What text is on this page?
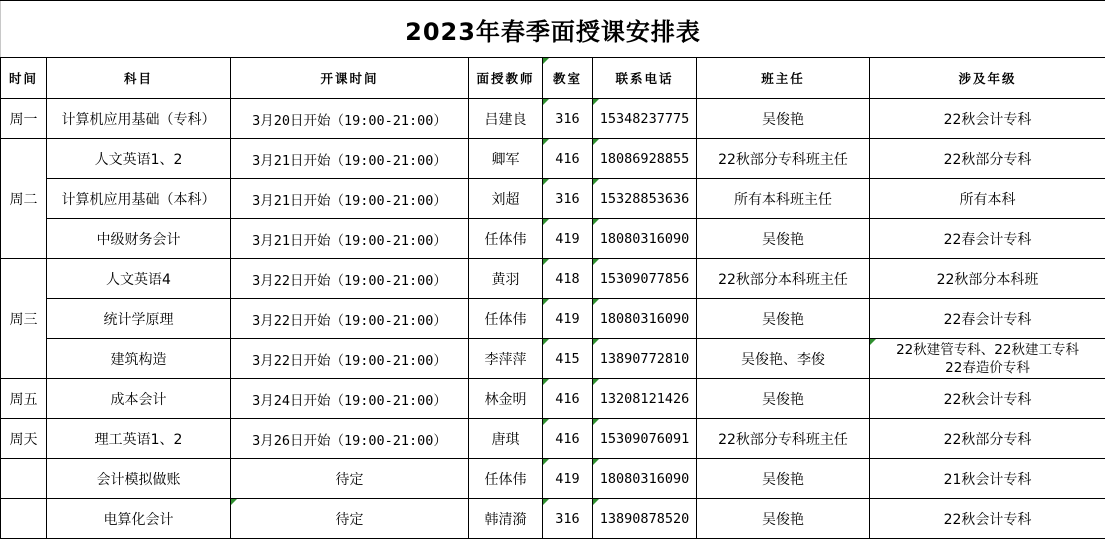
2023年春季面授课安排表							
时间	科目	开课时间	面授教师	教室	联系电话	班主任	涉及年级
周一	计算机应用基础（专科）	3月20日开始（19:00-21:00）	吕建良	316	15348237775	吴俊艳	22秋会计专科
周二	人文英语1、2	3月21日开始（19:00-21:00）	卿军	416	18086928855	22秋部分专科班主任	22秋部分专科
	计算机应用基础（本科）	3月21日开始（19:00-21:00）	刘超	316	15328853636	所有本科班主任	所有本科
	中级财务会计	3月21日开始（19:00-21:00）	任体伟	419	18080316090	吴俊艳	22春会计专科
周三	人文英语4	3月22日开始（19:00-21:00）	黄羽	418	15309077856	22秋部分本科班主任	22秋部分本科班
	统计学原理	3月22日开始（19:00-21:00）	任体伟	419	18080316090	吴俊艳	22春会计专科
	建筑构造	3月22日开始（19:00-21:00）	李萍萍	415	13890772810	吴俊艳、李俊	22秋建管专科、22秋建工专科
22春造价专科

周五	成本会计	3月24日开始（19:00-21:00）	林金明	416	13208121426	吴俊艳	22秋会计专科
周天	理工英语1、2	3月26日开始（19:00-21:00）	唐琪	416	15309076091	22秋部分专科班主任	22秋部分专科
	会计模拟做账	待定	任体伟	419	18080316090	吴俊艳	21秋会计专科
	电算化会计	待定	韩清漪	316	13890878520	吴俊艳	22秋会计专科
